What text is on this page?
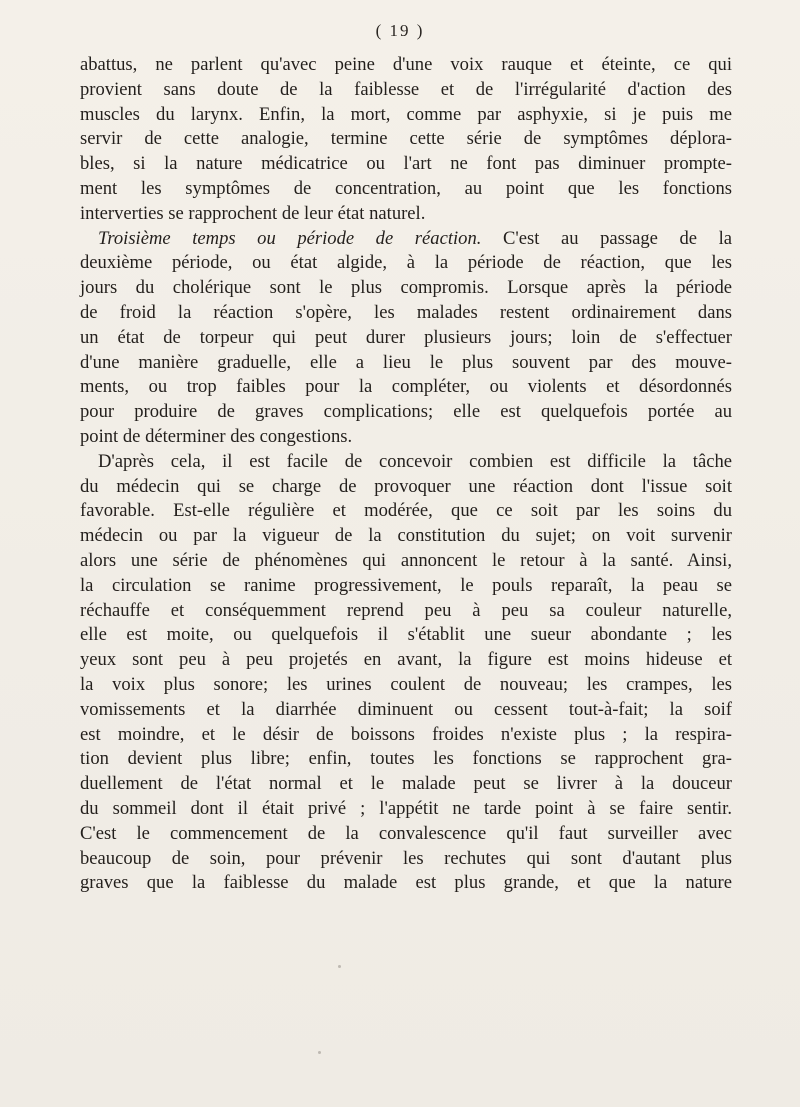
( 19 )
abattus, ne parlent qu'avec peine d'une voix rauque et éteinte, ce qui
provient sans doute de la faiblesse et de l'irrégularité d'action des
muscles du larynx. Enfin, la mort, comme par asphyxie, si je puis me
servir de cette analogie, termine cette série de symptômes déplora-
bles, si la nature médicatrice ou l'art ne font pas diminuer prompte-
ment les symptômes de concentration, au point que les fonctions
interverties se rapprochent de leur état naturel.
Troisième temps ou période de réaction. C'est au passage de la
deuxième période, ou état algide, à la période de réaction, que les
jours du cholérique sont le plus compromis. Lorsque après la période
de froid la réaction s'opère, les malades restent ordinairement dans
un état de torpeur qui peut durer plusieurs jours; loin de s'effectuer
d'une manière graduelle, elle a lieu le plus souvent par des mouve-
ments, ou trop faibles pour la compléter, ou violents et désordonnés
pour produire de graves complications; elle est quelquefois portée au
point de déterminer des congestions.
D'après cela, il est facile de concevoir combien est difficile la tâche
du médecin qui se charge de provoquer une réaction dont l'issue soit
favorable. Est-elle régulière et modérée, que ce soit par les soins du
médecin ou par la vigueur de la constitution du sujet; on voit survenir
alors une série de phénomènes qui annoncent le retour à la santé. Ainsi,
la circulation se ranime progressivement, le pouls reparaît, la peau se
réchauffe et conséquemment reprend peu à peu sa couleur naturelle,
elle est moite, ou quelquefois il s'établit une sueur abondante ; les
yeux sont peu à peu projetés en avant, la figure est moins hideuse et
la voix plus sonore; les urines coulent de nouveau; les crampes, les
vomissements et la diarrhée diminuent ou cessent tout-à-fait; la soif
est moindre, et le désir de boissons froides n'existe plus ; la respira-
tion devient plus libre; enfin, toutes les fonctions se rapprochent gra-
duellement de l'état normal et le malade peut se livrer à la douceur
du sommeil dont il était privé ; l'appétit ne tarde point à se faire sentir.
C'est le commencement de la convalescence qu'il faut surveiller avec
beaucoup de soin, pour prévenir les rechutes qui sont d'autant plus
graves que la faiblesse du malade est plus grande, et que la nature
